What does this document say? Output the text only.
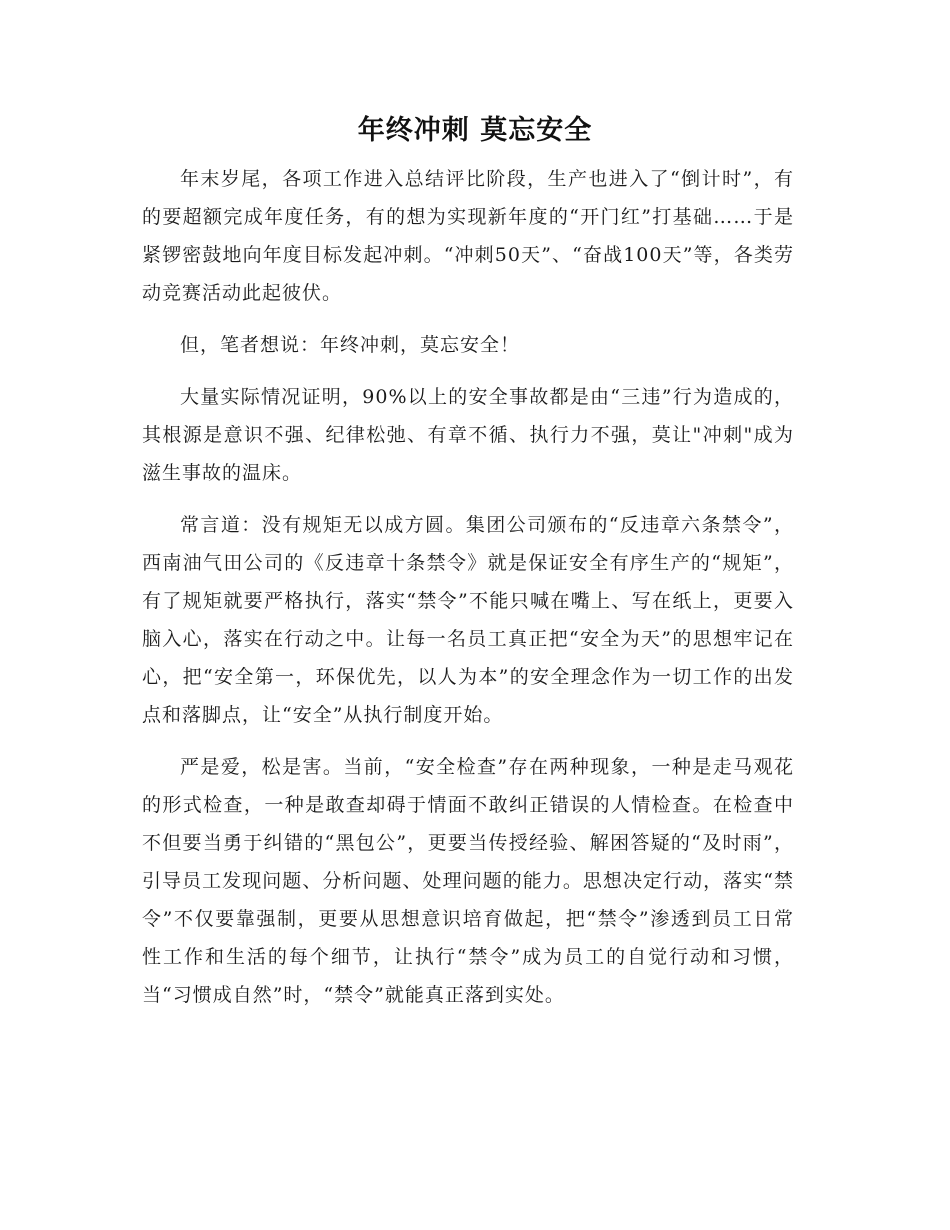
年终冲刺 莫忘安全

年末岁尾，各项工作进入总结评比阶段，生产也进入了“倒计时”，有的要超额完成年度任务，有的想为实现新年度的“开门红”打基础……于是紧锣密鼓地向年度目标发起冲刺。“冲刺50天”、“奋战100天”等，各类劳动竞赛活动此起彼伏。

但，笔者想说：年终冲刺，莫忘安全！

大量实际情况证明，90%以上的安全事故都是由“三违”行为造成的，其根源是意识不强、纪律松弛、有章不循、执行力不强，莫让"冲刺"成为滋生事故的温床。

常言道：没有规矩无以成方圆。集团公司颁布的“反违章六条禁令”，西南油气田公司的《反违章十条禁令》就是保证安全有序生产的“规矩”，有了规矩就要严格执行，落实“禁令”不能只喊在嘴上、写在纸上，更要入脑入心，落实在行动之中。让每一名员工真正把“安全为天”的思想牢记在心，把“安全第一，环保优先，以人为本”的安全理念作为一切工作的出发点和落脚点，让“安全”从执行制度开始。

严是爱，松是害。当前，“安全检查”存在两种现象，一种是走马观花的形式检查，一种是敢查却碍于情面不敢纠正错误的人情检查。在检查中不但要当勇于纠错的“黑包公”，更要当传授经验、解困答疑的“及时雨”，引导员工发现问题、分析问题、处理问题的能力。思想决定行动，落实“禁令”不仅要靠强制，更要从思想意识培育做起，把“禁令”渗透到员工日常性工作和生活的每个细节，让执行“禁令”成为员工的自觉行动和习惯，当“习惯成自然”时，“禁令”就能真正落到实处。
